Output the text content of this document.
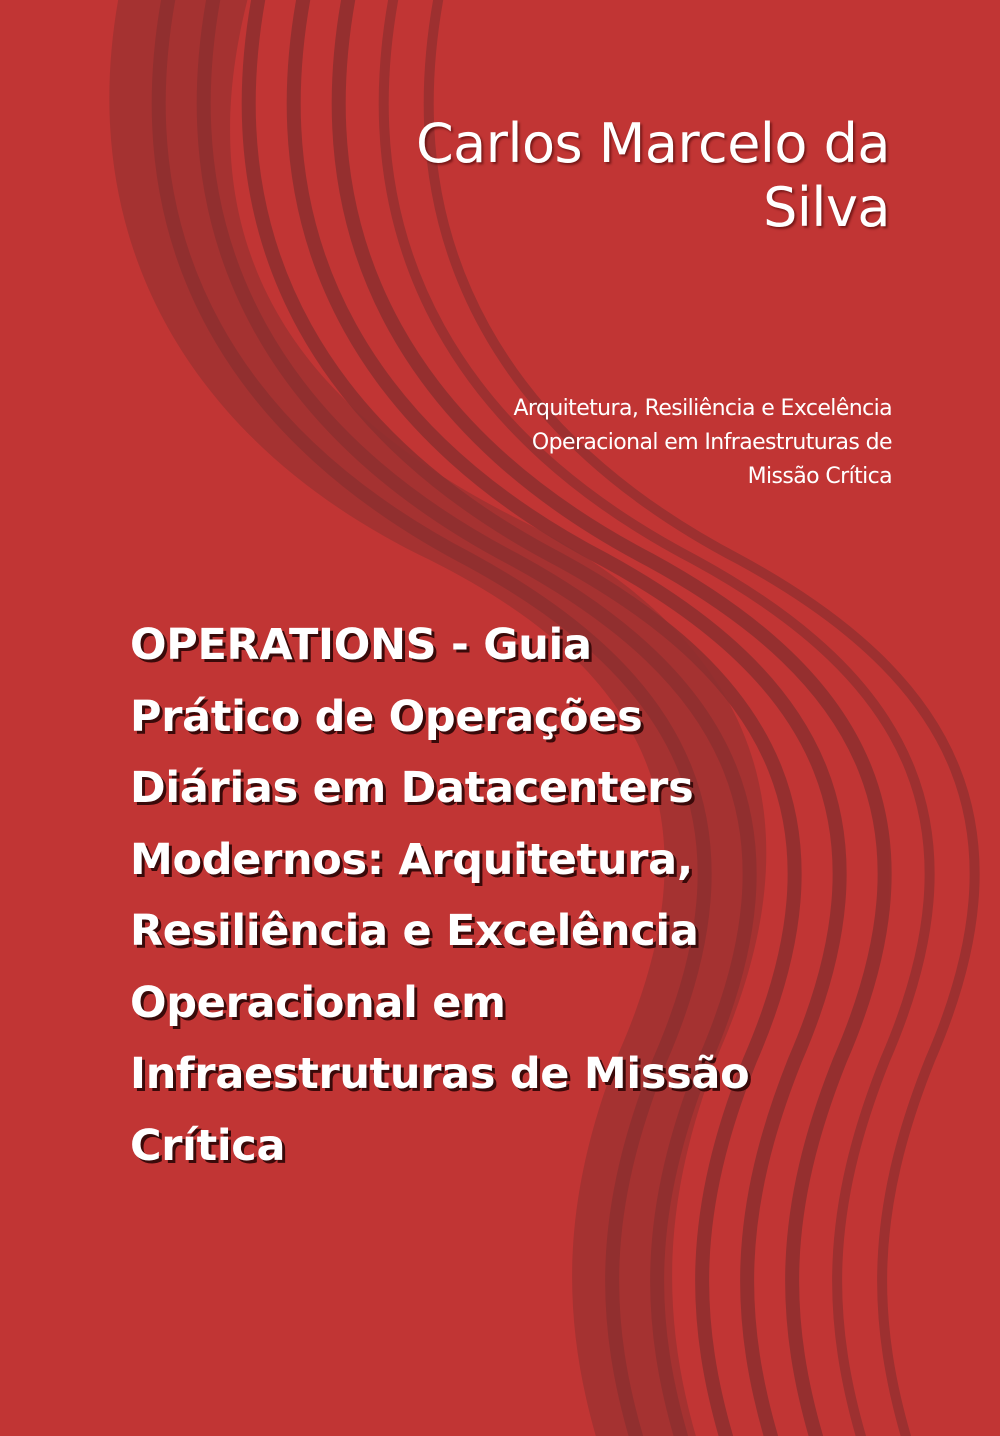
Carlos Marcelo da Silva
Arquitetura, Resiliência e Excelência Operacional em Infraestruturas de Missão Crítica
OPERATIONS - Guia Prático de Operações Diárias em Datacenters Modernos: Arquitetura, Resiliência e Excelência Operacional em Infraestruturas de Missão Crítica
